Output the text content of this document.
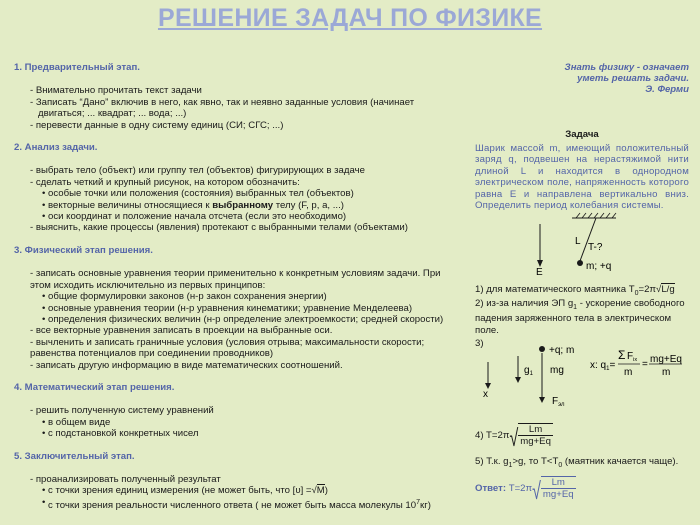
РЕШЕНИЕ ЗАДАЧ ПО ФИЗИКЕ
1. Предварительный этап.
- Внимательно прочитать текст задачи
- Записать “Дано” включив в него, как явно, так и неявно заданные условия (начинает
двигаться; ... квадрат; ... вода; ...)
- перевести данные в одну систему единиц (СИ; СГС; ...)
2. Анализ задачи.
- выбрать тело (объект) или группу тел (объектов) фигурирующих в задаче
- сделать четкий и крупный рисунок, на котором обозначить:
• особые точки или положения (состояния) выбранных тел (объектов)
• векторные величины относящиеся к выбранному телу (F, p, a, ...)
• оси координат и положение начала отсчета (если это необходимо)
- выяснить, какие процессы (явления) протекают с выбранными телами (объектами)
3. Физический этап решения.
- записать основные уравнения теории применительно к конкретным условиям задачи. При
этом исходить исключительно из первых принципов:
• общие формулировки законов (н-р закон сохранения энергии)
• основные уравнения теории (н-р уравнения кинематики; уравнение Менделеева)
• определения физических величин (н-р определение электроемкости; средней скорости)
- все векторные уравнения записать в проекции на выбранные оси.
- вычленить и записать граничные условия (условия отрыва; максимальности скорости;
равенства потенциалов при соединении проводников)
- записать другую информацию в виде математических соотношений.
4. Математический этап решения.
- решить полученную систему уравнений
• в общем виде
• с подстановкой конкретных чисел
5. Заключительный этап.
- проанализировать полученный результат
• с точки зрения единиц измерения (не может быть, что [υ] =√M)
• с точки зрения реальности численного ответа ( не может быть масса молекулы $10^7кг$)
Знать физику - означает
уметь решать задачи.
Э. Ферми
Задача
Шарик массой m, имеющий положительный заряд q, подвешен на нерастяжимой нити длиной L и находится в однородном электрическом поле, напряженность которого равна E и направлена вертикально вниз. Определить период колебания системы.
L
T-?
m; +q
E
1) для математического маятника $T_0=2\pi√L/g$
2) из-за наличия ЭП $g_1$ - ускорение свободного
падения заряженного тела в электрическом
поле.
3)
x
+q; m
$g_1$ mg
$F_{эл}$
x: $q_1=$
Σ $F_{ix}$
m
= mg+Eq
m
4) T=2π √ $\frac{Lm}{mg+Eq}$
5) Т.к. $g_1>g$, то $T<T_0$ (маятник качается чаще).
Ответ: T=2π √ $\frac{Lm}{mg+Eq}$
